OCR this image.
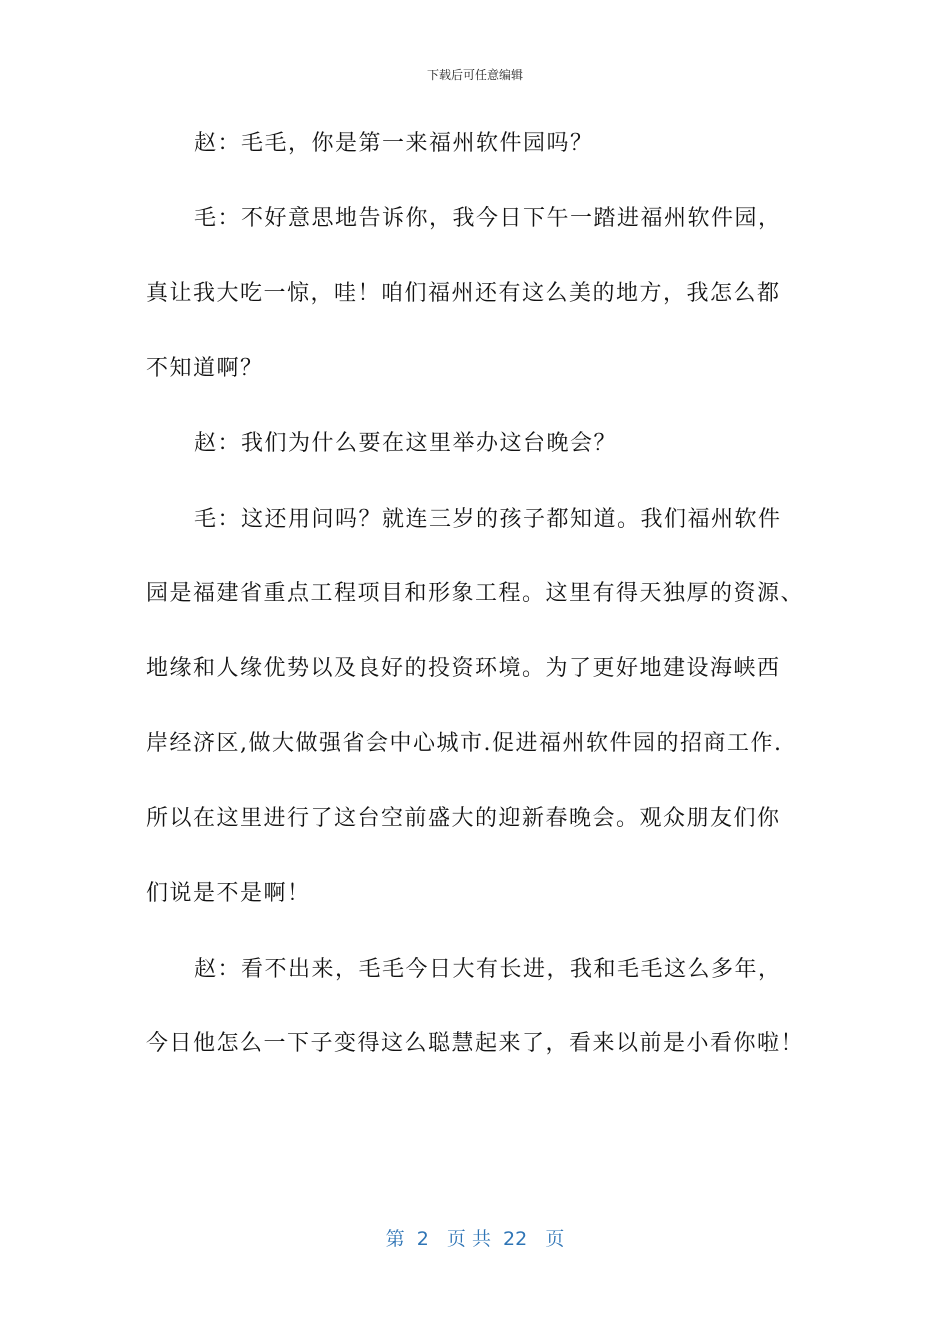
下载后可任意编辑
赵：毛毛，你是第一来福州软件园吗？
毛：不好意思地告诉你，我今日下午一踏进福州软件园，
真让我大吃一惊，哇！咱们福州还有这么美的地方，我怎么都
不知道啊？
赵：我们为什么要在这里举办这台晚会？
毛：这还用问吗？就连三岁的孩子都知道。我们福州软件
园是福建省重点工程项目和形象工程。这里有得天独厚的资源、
地缘和人缘优势以及良好的投资环境。为了更好地建设海峡西
岸经济区,做大做强省会中心城市.促进福州软件园的招商工作.
所以在这里进行了这台空前盛大的迎新春晚会。观众朋友们你
们说是不是啊！
赵：看不出来，毛毛今日大有长进，我和毛毛这么多年，
今日他怎么一下子变得这么聪慧起来了，看来以前是小看你啦！
第  2   页 共  22   页
